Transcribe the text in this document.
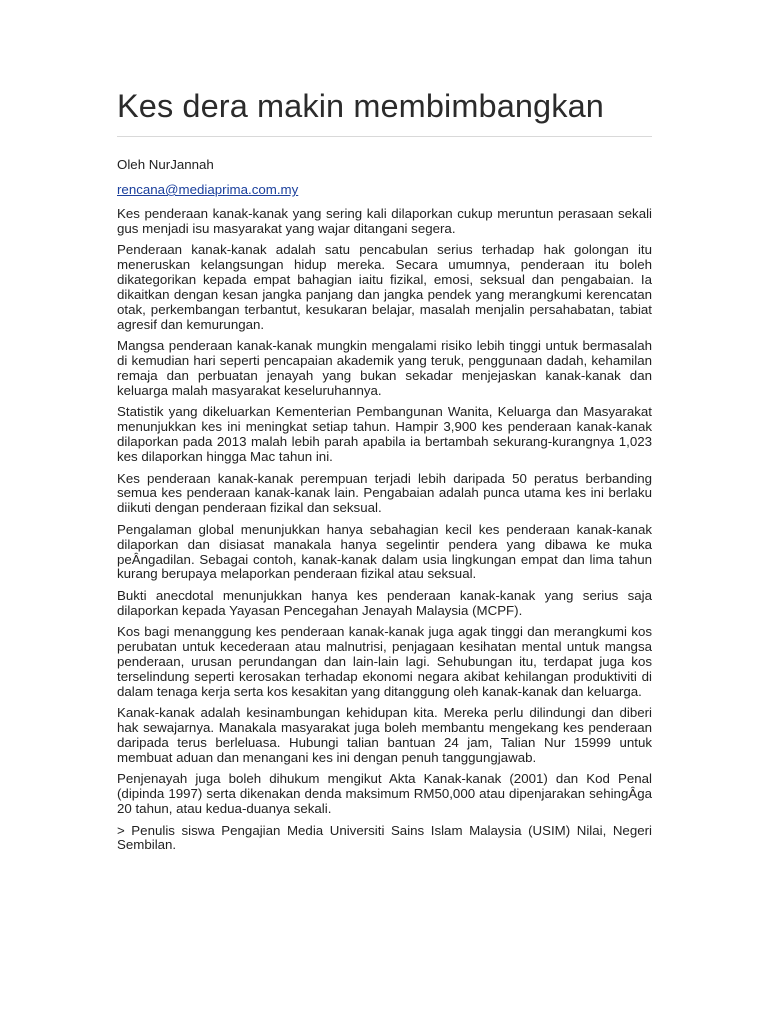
Kes dera makin membimbangkan

Oleh NurJannah

rencana@mediaprima.com.my

Kes penderaan kanak-kanak yang sering kali dilaporkan cukup meruntun perasaan sekali gus menjadi isu masyarakat yang wajar ditangani segera.

Penderaan kanak-kanak adalah satu pencabulan serius terhadap hak golongan itu meneruskan kelangsungan hidup mereka. Secara umumnya, penderaan itu boleh dikategorikan kepada empat bahagian iaitu fizikal, emosi, seksual dan pengabaian. Ia dikaitkan dengan kesan jangka panjang dan jangka pendek yang merangkumi kerencatan otak, perkembangan terbantut, kesukaran belajar, masalah menjalin persahabatan, tabiat agresif dan kemurungan.

Mangsa penderaan kanak-kanak mungkin mengalami risiko lebih tinggi untuk bermasalah di kemudian hari seperti pencapaian akademik yang teruk, penggunaan dadah, kehamilan remaja dan perbuatan jenayah yang bukan sekadar menjejaskan kanak-kanak dan keluarga malah masyarakat keseluruhannya.

Statistik yang dikeluarkan Kementerian Pembangunan Wanita, Keluarga dan Masyarakat menunjukkan kes ini meningkat setiap tahun. Hampir 3,900 kes penderaan kanak-kanak dilaporkan pada 2013 malah lebih parah apabila ia bertambah sekurang-kurangnya 1,023 kes dilaporkan hingga Mac tahun ini.

Kes penderaan kanak-kanak perempuan terjadi lebih daripada 50 peratus berbanding semua kes penderaan kanak-kanak lain. Pengabaian adalah punca utama kes ini berlaku diikuti dengan penderaan fizikal dan seksual.

Pengalaman global menunjukkan hanya sebahagian kecil kes penderaan kanak-kanak dilaporkan dan disiasat manakala hanya segelintir pendera yang dibawa ke muka peÂngadilan. Sebagai contoh, kanak-kanak dalam usia lingkungan empat dan lima tahun kurang berupaya melaporkan penderaan fizikal atau seksual.

Bukti anecdotal menunjukkan hanya kes penderaan kanak-kanak yang serius saja dilaporkan kepada Yayasan Pencegahan Jenayah Malaysia (MCPF).

Kos bagi menanggung kes penderaan kanak-kanak juga agak tinggi dan merangkumi kos perubatan untuk kecederaan atau malnutrisi, penjagaan kesihatan mental untuk mangsa penderaan, urusan perundangan dan lain-lain lagi. Sehubungan itu, terdapat juga kos terselindung seperti kerosakan terhadap ekonomi negara akibat kehilangan produktiviti di dalam tenaga kerja serta kos kesakitan yang ditanggung oleh kanak-kanak dan keluarga.

Kanak-kanak adalah kesinambungan kehidupan kita. Mereka perlu dilindungi dan diberi hak sewajarnya. Manakala masyarakat juga boleh membantu mengekang kes penderaan daripada terus berleluasa. Hubungi talian bantuan 24 jam, Talian Nur 15999 untuk membuat aduan dan menangani kes ini dengan penuh tanggungjawab.

Penjenayah juga boleh dihukum mengikut Akta Kanak-kanak (2001) dan Kod Penal (dipinda 1997) serta dikenakan denda maksimum RM50,000 atau dipenjarakan sehingÂga 20 tahun, atau kedua-duanya sekali.

> Penulis siswa Pengajian Media Universiti Sains Islam Malaysia (USIM) Nilai, Negeri Sembilan.
